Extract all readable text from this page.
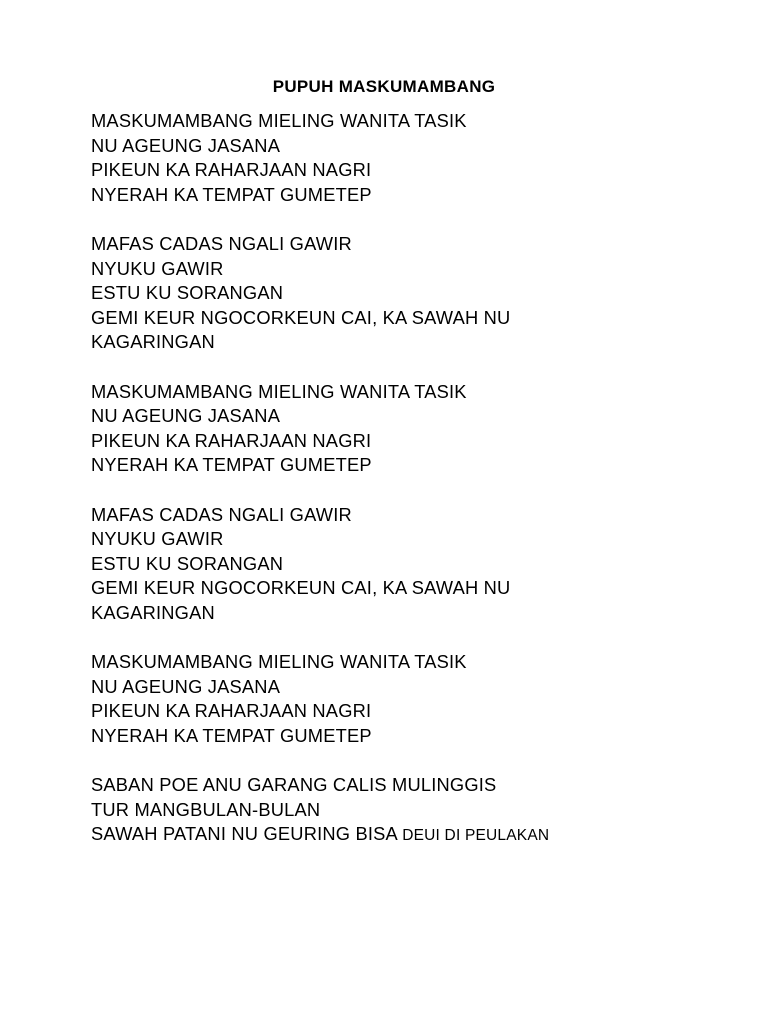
PUPUH MASKUMAMBANG
MASKUMAMBANG MIELING WANITA TASIK
NU AGEUNG JASANA
PIKEUN KA RAHARJAAN NAGRI
NYERAH KA TEMPAT GUMETEP
MAFAS CADAS NGALI GAWIR
NYUKU GAWIR
ESTU KU SORANGAN
GEMI KEUR NGOCORKEUN CAI, KA SAWAH NU
KAGARINGAN
MASKUMAMBANG MIELING WANITA TASIK
NU AGEUNG JASANA
PIKEUN KA RAHARJAAN NAGRI
NYERAH KA TEMPAT GUMETEP
MAFAS CADAS NGALI GAWIR
NYUKU GAWIR
ESTU KU SORANGAN
GEMI KEUR NGOCORKEUN CAI, KA SAWAH NU
KAGARINGAN
MASKUMAMBANG MIELING WANITA TASIK
NU AGEUNG JASANA
PIKEUN KA RAHARJAAN NAGRI
NYERAH KA TEMPAT GUMETEP
SABAN POE ANU GARANG CALIS MULINGGIS
TUR MANGBULAN-BULAN
SAWAH PATANI NU GEURING BISA DEUI DI PEULAKAN
